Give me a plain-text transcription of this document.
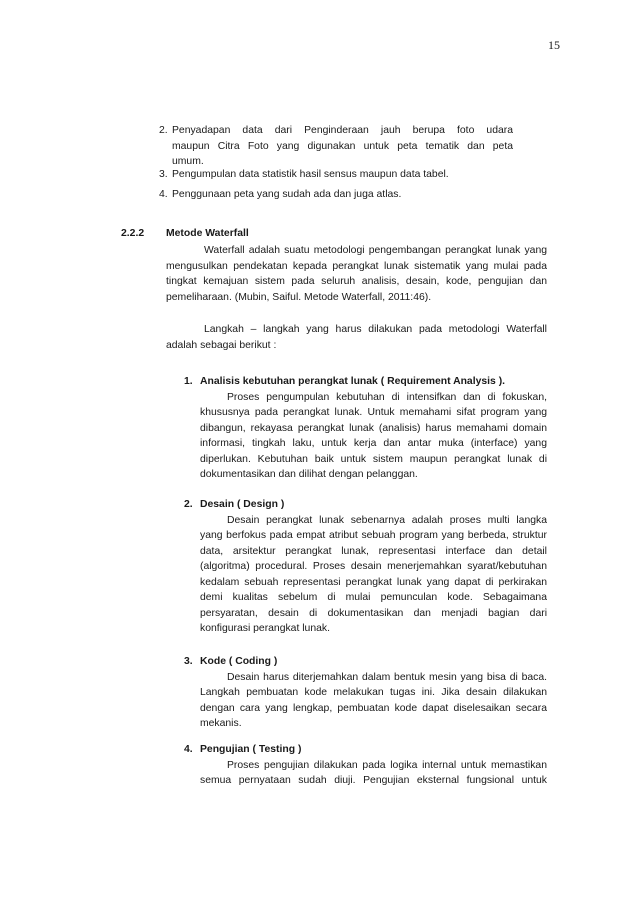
15
2. Penyadapan data dari Penginderaan jauh berupa foto udara
maupun Citra Foto yang digunakan untuk peta tematik dan peta
umum.
3. Pengumpulan data statistik hasil sensus maupun data tabel.
4. Penggunaan peta yang sudah ada dan juga atlas.
2.2.2 Metode Waterfall
Waterfall adalah suatu metodologi pengembangan perangkat lunak yang
mengusulkan pendekatan kepada perangkat lunak sistematik yang mulai pada
tingkat kemajuan sistem pada seluruh analisis, desain, kode, pengujian dan
pemeliharaan. (Mubin, Saiful. Metode Waterfall, 2011:46).
Langkah – langkah yang harus dilakukan pada metodologi Waterfall
adalah sebagai berikut :
1. Analisis kebutuhan perangkat lunak ( Requirement Analysis ).
Proses pengumpulan kebutuhan di intensifkan dan di fokuskan,
khususnya pada perangkat lunak. Untuk memahami sifat program yang
dibangun, rekayasa perangkat lunak (analisis) harus memahami domain
informasi, tingkah laku, untuk kerja dan antar muka (interface) yang
diperlukan. Kebutuhan baik untuk sistem maupun perangkat lunak di
dokumentasikan dan dilihat dengan pelanggan.
2. Desain ( Design )
Desain perangkat lunak sebenarnya adalah proses multi langka
yang berfokus pada empat atribut sebuah program yang berbeda, struktur
data, arsitektur perangkat lunak, representasi interface dan detail
(algoritma) procedural. Proses desain menerjemahkan syarat/kebutuhan
kedalam sebuah representasi perangkat lunak yang dapat di perkirakan
demi kualitas sebelum di mulai pemunculan kode. Sebagaimana
persyaratan, desain di dokumentasikan dan menjadi bagian dari
konfigurasi perangkat lunak.
3. Kode ( Coding )
Desain harus diterjemahkan dalam bentuk mesin yang bisa di baca.
Langkah pembuatan kode melakukan tugas ini. Jika desain dilakukan
dengan cara yang lengkap, pembuatan kode dapat diselesaikan secara
mekanis.
4. Pengujian ( Testing )
Proses pengujian dilakukan pada logika internal untuk memastikan
semua pernyataan sudah diuji. Pengujian eksternal fungsional untuk
